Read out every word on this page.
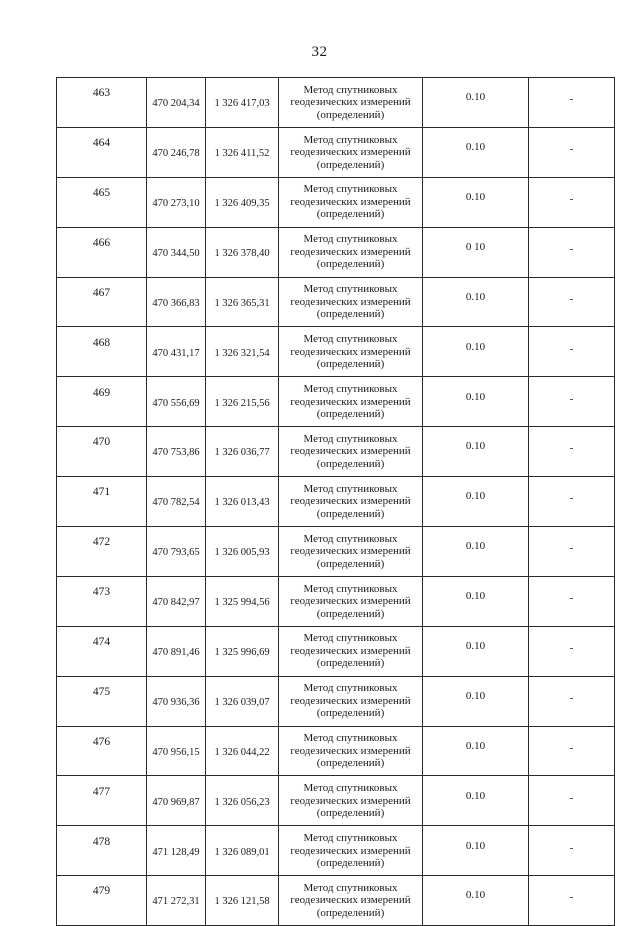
32
463	470 204,34	1 326 417,03	Метод спутниковых
геодезических измерений
(определений)	0.10	-
464	470 246,78	1 326 411,52	Метод спутниковых
геодезических измерений
(определений)	0.10	-
465	470 273,10	1 326 409,35	Метод спутниковых
геодезических измерений
(определений)	0.10	-
466	470 344,50	1 326 378,40	Метод спутниковых
геодезических измерений
(определений)	0 10	-
467	470 366,83	1 326 365,31	Метод спутниковых
геодезических измерений
(определений)	0.10	-
468	470 431,17	1 326 321,54	Метод спутниковых
геодезических измерений
(определений)	0.10	-
469	470 556,69	1 326 215,56	Метод спутниковых
геодезических измерений
(определений)	0.10	-
470	470 753,86	1 326 036,77	Метод спутниковых
геодезических измерений
(определений)	0.10	-
471	470 782,54	1 326 013,43	Метод спутниковых
геодезических измерений
(определений)	0.10	-
472	470 793,65	1 326 005,93	Метод спутниковых
геодезических измерений
(определений)	0.10	-
473	470 842,97	1 325 994,56	Метод спутниковых
геодезических измерений
(определений)	0.10	-
474	470 891,46	1 325 996,69	Метод спутниковых
геодезических измерений
(определений)	0.10	-
475	470 936,36	1 326 039,07	Метод спутниковых
геодезических измерений
(определений)	0.10	-
476	470 956,15	1 326 044,22	Метод спутниковых
геодезических измерений
(определений)	0.10	-
477	470 969,87	1 326 056,23	Метод спутниковых
геодезических измерений
(определений)	0.10	-
478	471 128,49	1 326 089,01	Метод спутниковых
геодезических измерений
(определений)	0.10	-
479	471 272,31	1 326 121,58	Метод спутниковых
геодезических измерений
(определений)	0.10	-
